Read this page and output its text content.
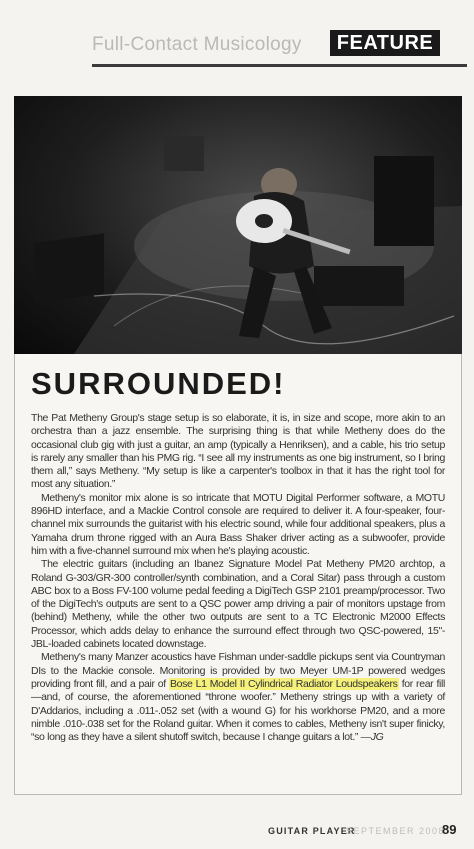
Full-Contact Musicology	FEATURE
SURROUNDED!

The Pat Metheny Group's stage setup is so elaborate, it is, in size and scope, more akin to an orchestra than a jazz ensemble. The surprising thing is that while Metheny does do the occasional club gig with just a guitar, an amp (typically a Henriksen), and a cable, his trio setup is rarely any smaller than his PMG rig. “I see all my instruments as one big instrument, so I bring them all,” says Metheny. “My setup is like a carpenter's toolbox in that it has the right tool for most any situation.”

Metheny's monitor mix alone is so intricate that MOTU Digital Performer software, a MOTU 896HD interface, and a Mackie Control console are required to deliver it. A four-speaker, four-channel mix surrounds the guitarist with his electric sound, while four additional speakers, plus a Yamaha drum throne rigged with an Aura Bass Shaker driver acting as a subwoofer, provide him with a five-channel surround mix when he's playing acoustic.

The electric guitars (including an Ibanez Signature Model Pat Metheny PM20 archtop, a Roland G-303/GR-300 controller/synth combination, and a Coral Sitar) pass through a custom ABC box to a Boss FV-100 volume pedal feeding a DigiTech GSP 2101 preamp/processor. Two of the DigiTech's outputs are sent to a QSC power amp driving a pair of monitors upstage from (behind) Metheny, while the other two outputs are sent to a TC Electronic M2000 Effects Processor, which adds delay to enhance the surround effect through two QSC-powered, 15"-JBL-loaded cabinets located downstage.

Metheny's many Manzer acoustics have Fishman under-saddle pickups sent via Countryman DIs to the Mackie console. Monitoring is provided by two Meyer UM-1P powered wedges providing front fill, and a pair of Bose L1 Model II Cylindrical Radiator Loudspeakers for rear fill—and, of course, the aforementioned “throne woofer.” Metheny strings up with a variety of D'Addarios, including a .011-.052 set (with a wound G) for his workhorse PM20, and a more nimble .010-.038 set for the Roland guitar. When it comes to cables, Metheny isn't super finicky, “so long as they have a silent shutoff switch, because I change guitars a lot.” —JG

GUITAR PLAYER
SEPTEMBER 2008
89
